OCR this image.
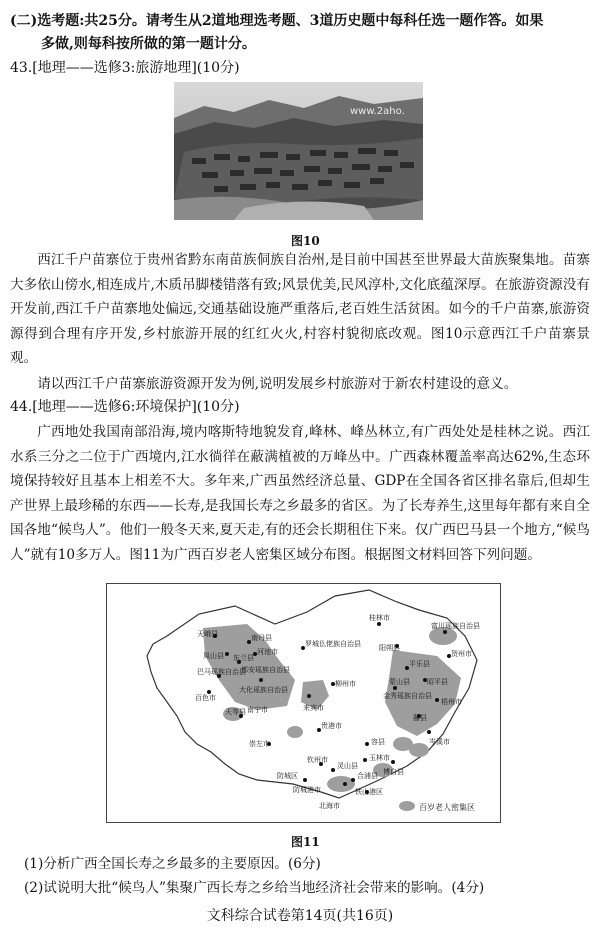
(二)选考题:共25分。请考生从2道地理选考题、3道历史题中每科任选一题作答。如果
多做,则每科按所做的第一题计分。
43.[地理——选修3:旅游地理](10分)
www.2aho.
图10
西江千户苗寨位于贵州省黔东南苗族侗族自治州,是目前中国甚至世界最大苗族聚集地。苗寨大多依山傍水,相连成片,木质吊脚楼错落有致;风景优美,民风淳朴,文化底蕴深厚。在旅游资源没有开发前,西江千户苗寨地处偏远,交通基础设施严重落后,老百姓生活贫困。如今的千户苗寨,旅游资源得到合理有序开发,乡村旅游开展的红红火火,村容村貌彻底改观。图10示意西江千户苗寨景观。
请以西江千户苗寨旅游资源开发为例,说明发展乡村旅游对于新农村建设的意义。
44.[地理——选修6:环境保护](10分)
广西地处我国南部沿海,境内喀斯特地貌发育,峰林、峰丛林立,有广西处处是桂林之说。西江水系三分之二位于广西境内,江水徜徉在蔽满植被的万峰丛中。广西森林覆盖率高达62%,生态环境保持较好且基本上相差不大。多年来,广西虽然经济总量、GDP在全国各省区排名靠后,但却生产世界上最珍稀的东西——长寿,是我国长寿之乡最多的省区。为了长寿养生,这里每年都有来自全国各地“候鸟人”。他们一般冬天来,夏天走,有的还会长期租住下来。仅广西巴马县一个地方,“候鸟人”就有10多万人。图11为广西百岁老人密集区域分布图。根据图文材料回答下列问题。
天峨县	南丹县
凤山县 东兰县
河池市
巴马瑶族自治县
都安瑶族自治县
百色市
罗城仫佬族自治县
大化瑶族自治县
柳州市
来宾市
桂林市
富川瑶族自治县
阳朔县
平乐县
贺州市
蒙山县 昭平县
金秀瑶族自治县
梧州市
岑溪市
藤县
南宁市
贵港市
天等县
崇左市
玉林市
容县
博白县
防城区
钦州市
灵山县
防城港市
合浦县
铁山港区
北海市	百岁老人密集区
图11
(1)分析广西全国长寿之乡最多的主要原因。(6分)
(2)试说明大批“候鸟人”集聚广西长寿之乡给当地经济社会带来的影响。(4分)
文科综合试卷第14页(共16页)
